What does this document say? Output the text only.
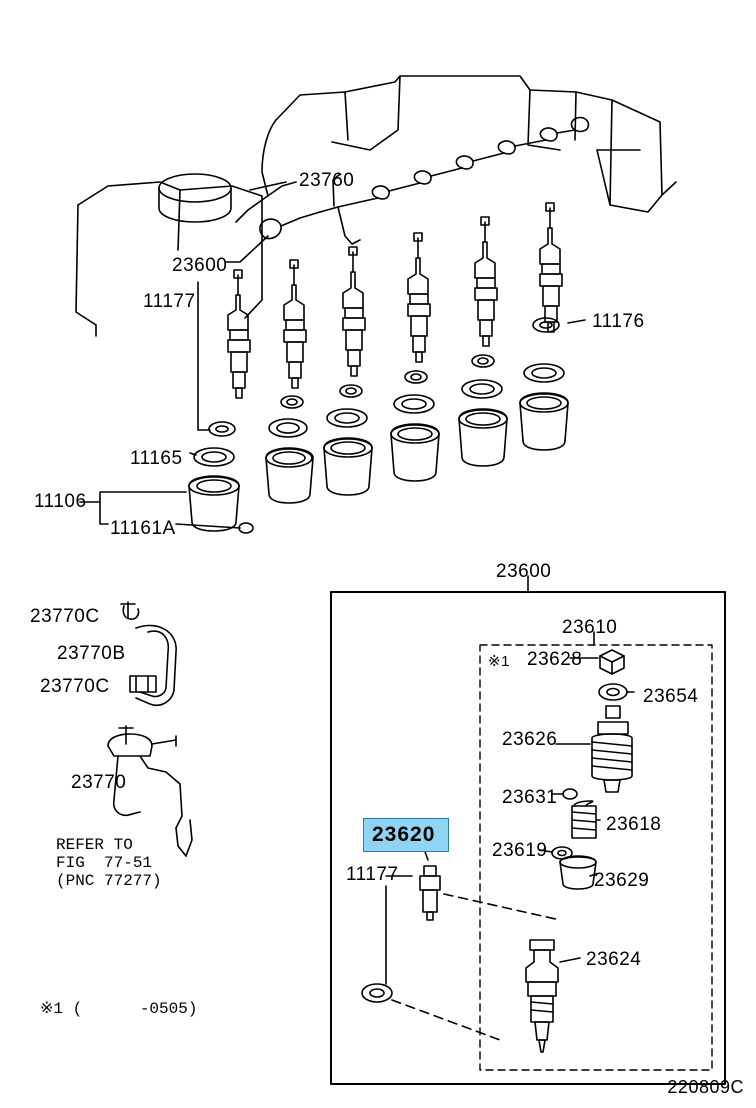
23760
23600
11177
11176
11165
11106
11161A
23770C
23770B
23770C
23770
REFER TO
FIG  77-51
(PNC 77277)
※1 (      -0505)
23600
23610
※1 23628
23654
23626
23631
23618
23619
23629
23624
11177
23620
220809C
